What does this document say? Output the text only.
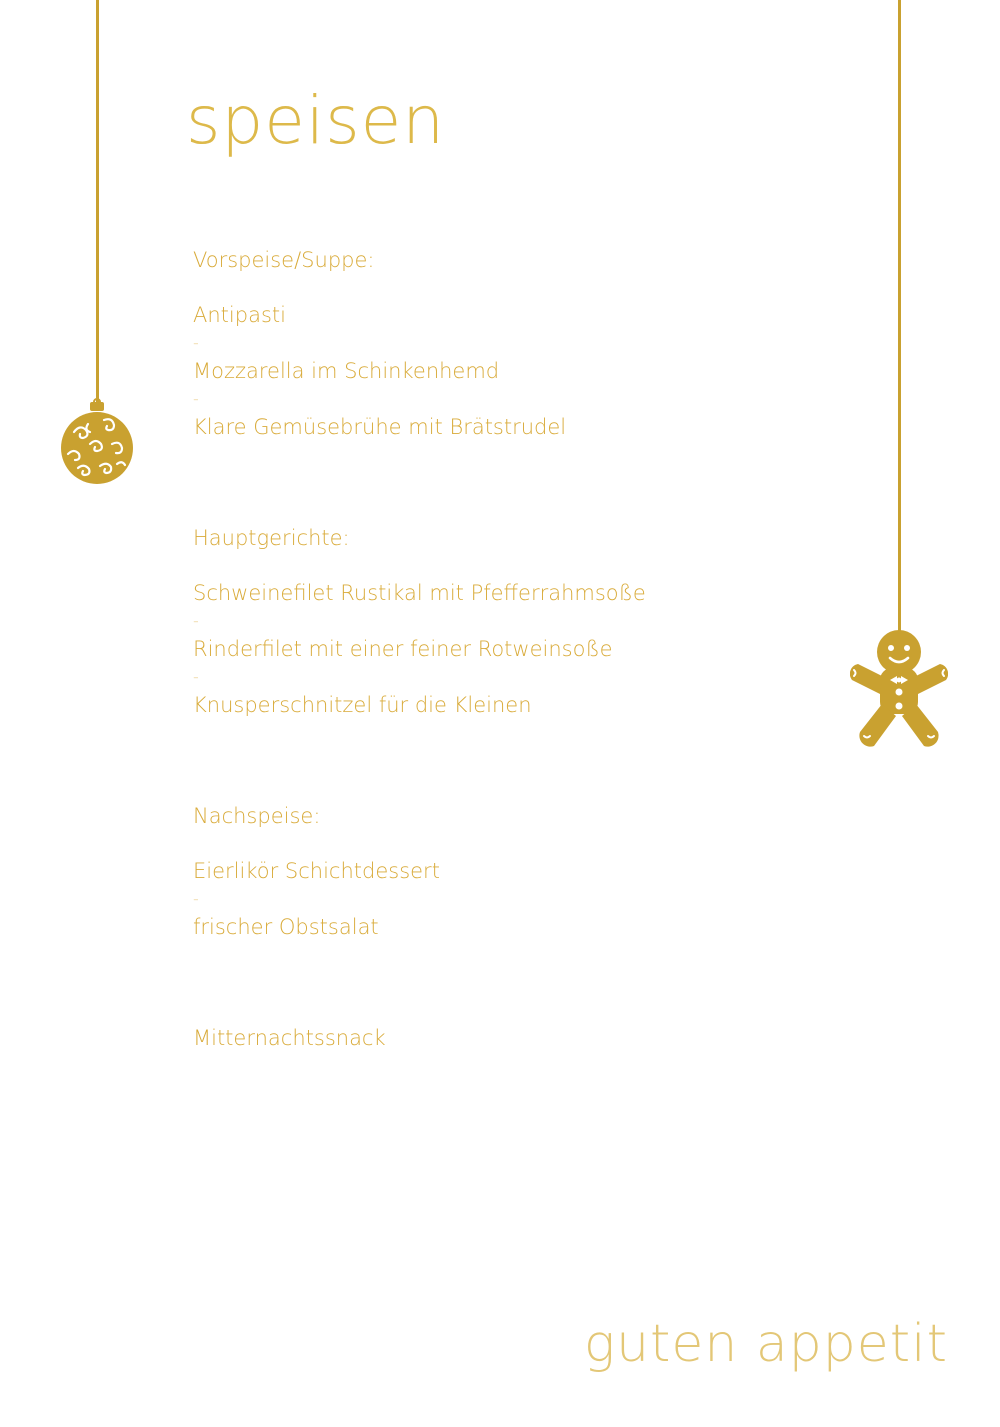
speisen
Vorspeise/Suppe:
Antipasti
-
Mozzarella im Schinkenhemd
-
Klare Gemüsebrühe mit Brätstrudel
Hauptgerichte:
Schweinefilet Rustikal mit Pfefferrahmsoße
-
Rinderfilet mit einer feiner Rotweinsoße
-
Knusperschnitzel für die Kleinen
Nachspeise:
Eierlikör Schichtdessert
-
frischer Obstsalat
Mitternachtssnack
guten appetit
